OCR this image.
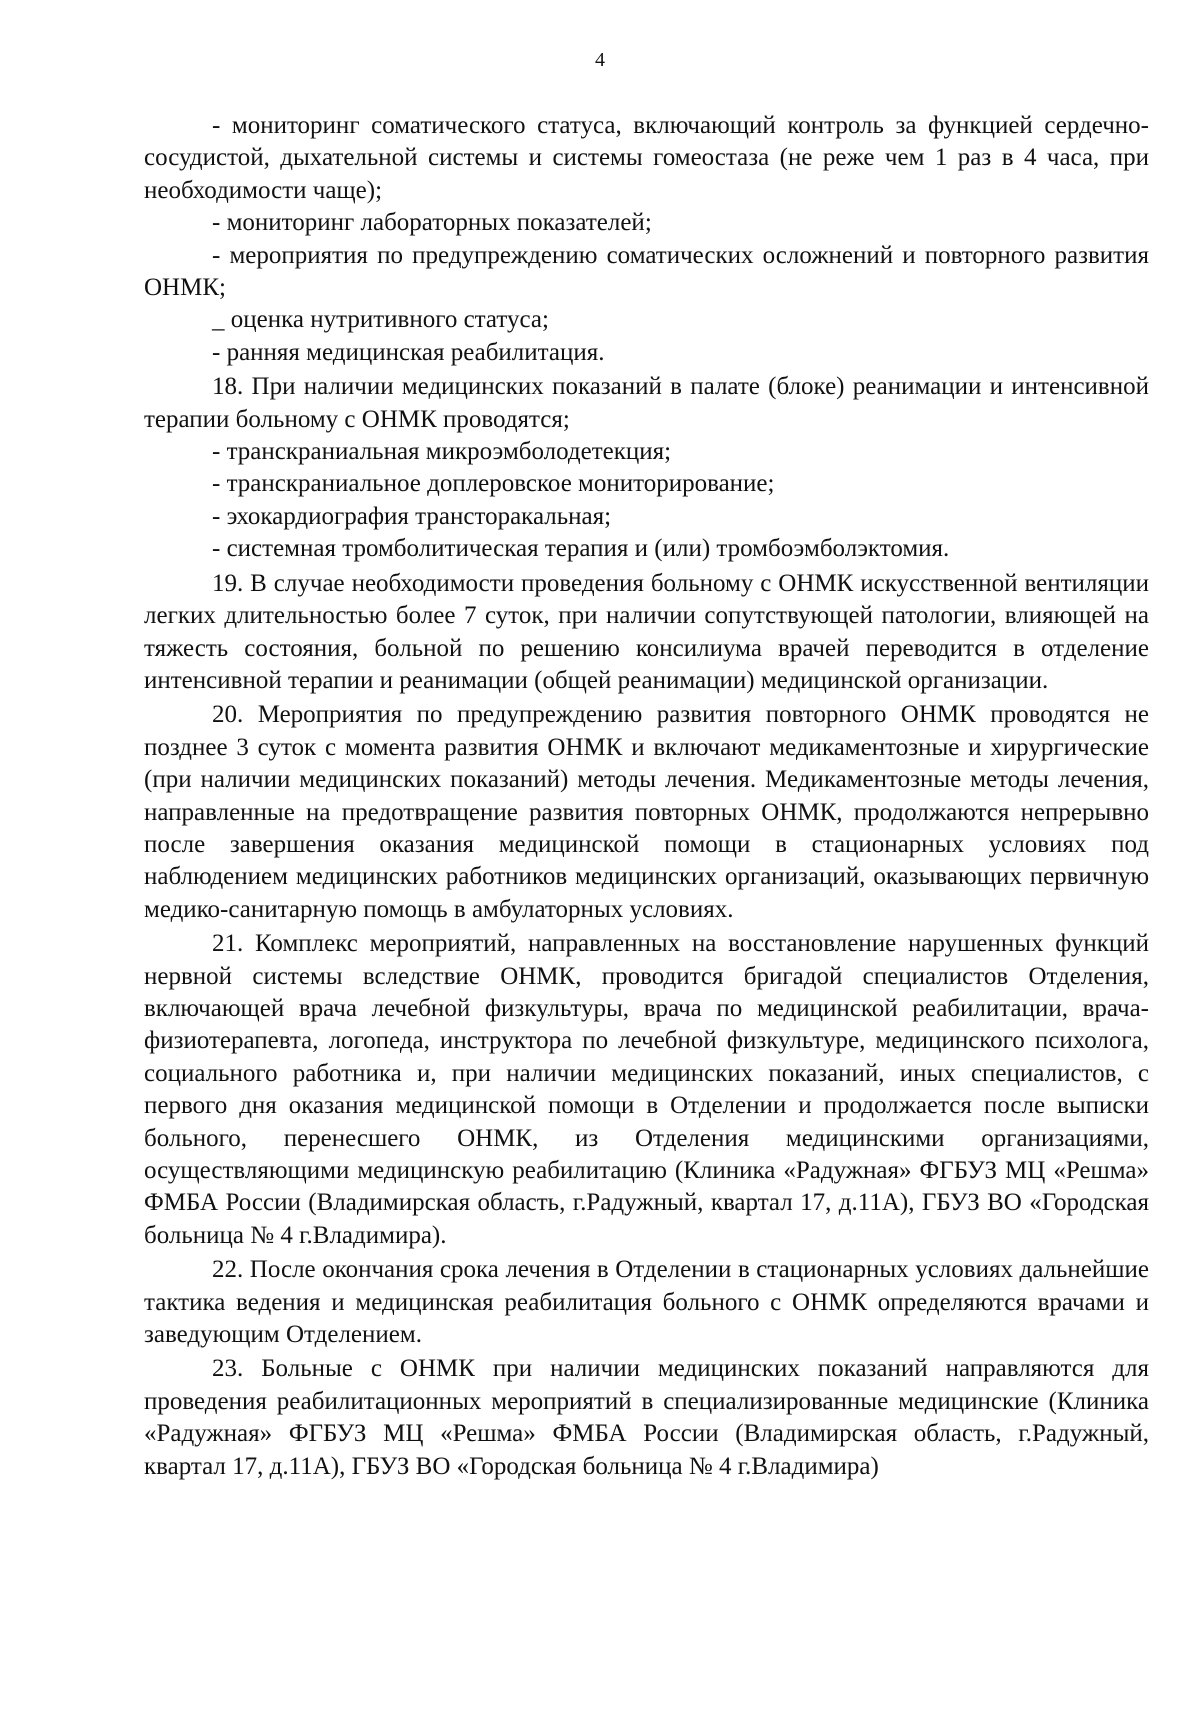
4

- мониторинг соматического статуса, включающий контроль за функцией сердечно-сосудистой, дыхательной системы и системы гомеостаза (не реже чем 1 раз в 4 часа, при необходимости чаще);

- мониторинг лабораторных показателей;

- мероприятия по предупреждению соматических осложнений и повторного развития ОНМК;

_ оценка нутритивного статуса;

- ранняя медицинская реабилитация.

18. При наличии медицинских показаний в палате (блоке) реанимации и интенсивной терапии больному с ОНМК проводятся;

- транскраниальная микроэмболодетекция;

- транскраниальное доплеровское мониторирование;

- эхокардиография трансторакальная;

- системная тромболитическая терапия и (или) тромбоэмболэктомия.

19. В случае необходимости проведения больному с ОНМК искусственной вентиляции легких длительностью более 7 суток, при наличии сопутствующей патологии, влияющей на тяжесть состояния, больной по решению консилиума врачей переводится в отделение интенсивной терапии и реанимации (общей реанимации) медицинской организации.

20. Мероприятия по предупреждению развития повторного ОНМК проводятся не позднее 3 суток с момента развития ОНМК и включают медикаментозные и хирургические (при наличии медицинских показаний) методы лечения. Медикаментозные методы лечения, направленные на предотвращение развития повторных ОНМК, продолжаются непрерывно после завершения оказания медицинской помощи в стационарных условиях под наблюдением медицинских работников медицинских организаций, оказывающих первичную медико-санитарную помощь в амбулаторных условиях.

21. Комплекс мероприятий, направленных на восстановление нарушенных функций нервной системы вследствие ОНМК, проводится бригадой специалистов Отделения, включающей врача лечебной физкультуры, врача по медицинской реабилитации, врача-физиотерапевта, логопеда, инструктора по лечебной физкультуре, медицинского психолога, социального работника и, при наличии медицинских показаний, иных специалистов, с первого дня оказания медицинской помощи в Отделении и продолжается после выписки больного, перенесшего ОНМК, из Отделения медицинскими организациями, осуществляющими медицинскую реабилитацию (Клиника «Радужная» ФГБУЗ МЦ «Решма» ФМБА России (Владимирская область, г.Радужный, квартал 17, д.11А), ГБУЗ ВО «Городская больница № 4 г.Владимира).

22. После окончания срока лечения в Отделении в стационарных условиях дальнейшие тактика ведения и медицинская реабилитация больного с ОНМК определяются врачами и заведующим Отделением.

23. Больные с ОНМК при наличии медицинских показаний направляются для проведения реабилитационных мероприятий в специализированные медицинские (Клиника «Радужная» ФГБУЗ МЦ «Решма» ФМБА России (Владимирская область, г.Радужный, квартал 17, д.11А), ГБУЗ ВО «Городская больница № 4 г.Владимира)
